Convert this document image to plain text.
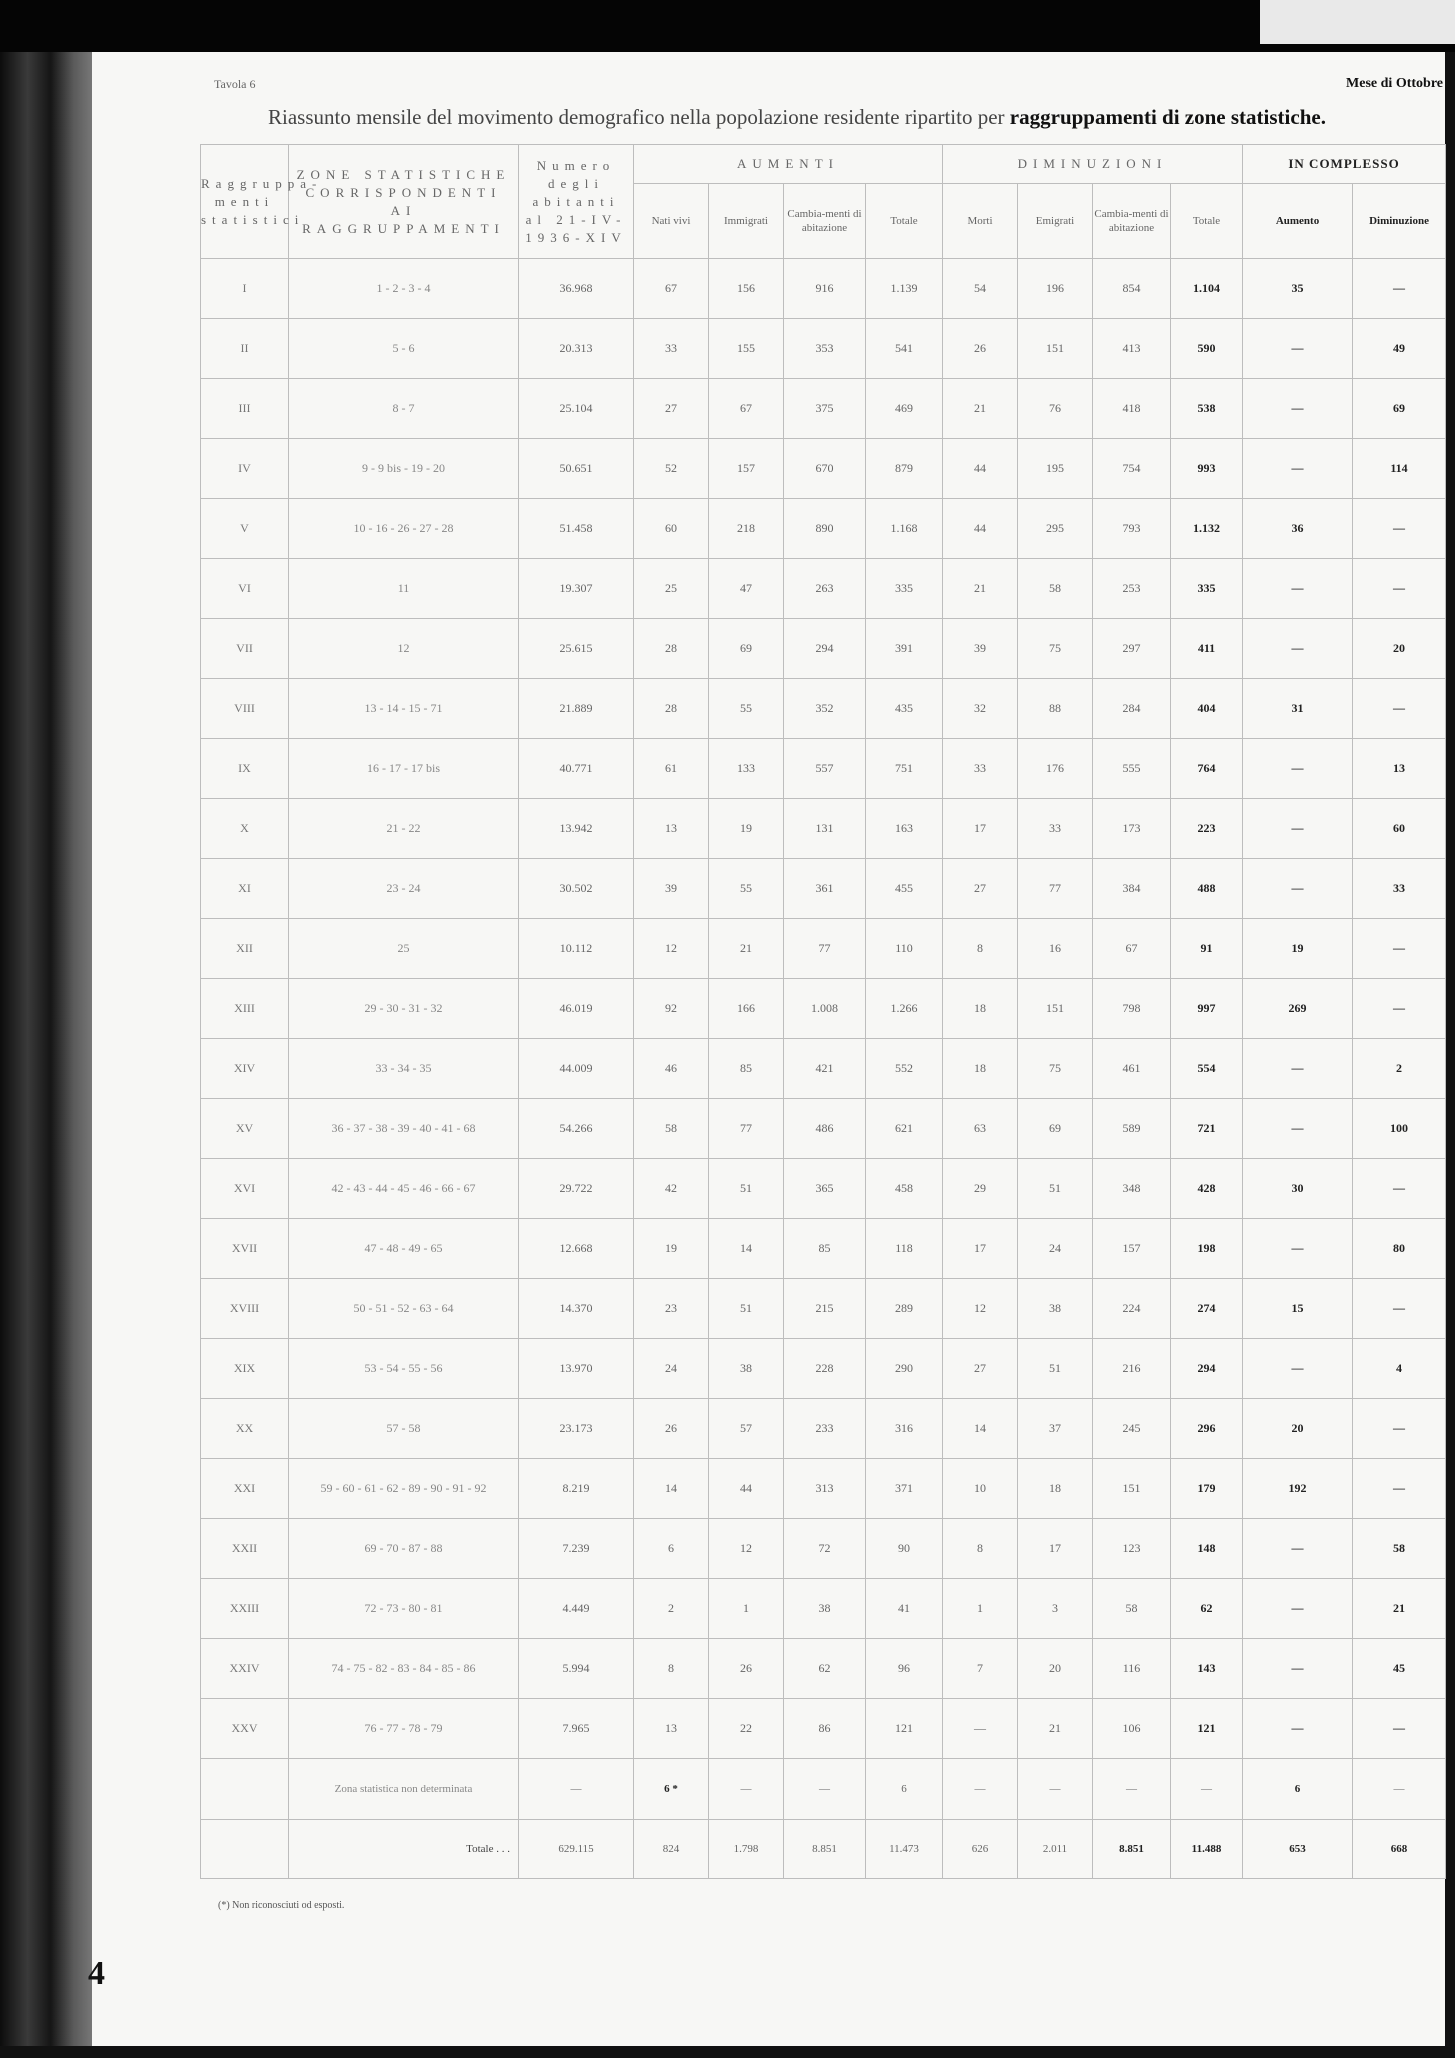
Tavola 6	Mese di Ottobre
Riassunto mensile del movimento demografico nella popolazione residente ripartito per raggruppamenti di zone statistiche.
Raggruppa-menti statistici	ZONE STATISTICHE CORRISPONDENTI AI RAGGRUPPAMENTI	Numero degli abitanti al 21-IV-1936-XIV	AUMENTI				DIMINUZIONI				IN COMPLESSO	
			Nati vivi	Immigrati	Cambia-menti di abitazione	Totale	Morti	Emigrati	Cambia-menti di abitazione	Totale	Aumento	Diminuzione
I	1 - 2 - 3 - 4	36.968	67	156	916	1.139	54	196	854	1.104	35	—
II	5 - 6	20.313	33	155	353	541	26	151	413	590	—	49
III	8 - 7	25.104	27	67	375	469	21	76	418	538	—	69
IV	9 - 9 bis - 19 - 20	50.651	52	157	670	879	44	195	754	993	—	114
V	10 - 16 - 26 - 27 - 28	51.458	60	218	890	1.168	44	295	793	1.132	36	—
VI	11	19.307	25	47	263	335	21	58	253	335	—	—
VII	12	25.615	28	69	294	391	39	75	297	411	—	20
VIII	13 - 14 - 15 - 71	21.889	28	55	352	435	32	88	284	404	31	—
IX	16 - 17 - 17 bis	40.771	61	133	557	751	33	176	555	764	—	13
X	21 - 22	13.942	13	19	131	163	17	33	173	223	—	60
XI	23 - 24	30.502	39	55	361	455	27	77	384	488	—	33
XII	25	10.112	12	21	77	110	8	16	67	91	19	—
XIII	29 - 30 - 31 - 32	46.019	92	166	1.008	1.266	18	151	798	997	269	—
XIV	33 - 34 - 35	44.009	46	85	421	552	18	75	461	554	—	2
XV	36 - 37 - 38 - 39 - 40 - 41 - 68	54.266	58	77	486	621	63	69	589	721	—	100
XVI	42 - 43 - 44 - 45 - 46 - 66 - 67	29.722	42	51	365	458	29	51	348	428	30	—
XVII	47 - 48 - 49 - 65	12.668	19	14	85	118	17	24	157	198	—	80
XVIII	50 - 51 - 52 - 63 - 64	14.370	23	51	215	289	12	38	224	274	15	—
XIX	53 - 54 - 55 - 56	13.970	24	38	228	290	27	51	216	294	—	4
XX	57 - 58	23.173	26	57	233	316	14	37	245	296	20	—
XXI	59 - 60 - 61 - 62 - 89 - 90 - 91 - 92	8.219	14	44	313	371	10	18	151	179	192	—
XXII	69 - 70 - 87 - 88	7.239	6	12	72	90	8	17	123	148	—	58
XXIII	72 - 73 - 80 - 81	4.449	2	1	38	41	1	3	58	62	—	21
XXIV	74 - 75 - 82 - 83 - 84 - 85 - 86	5.994	8	26	62	96	7	20	116	143	—	45
XXV	76 - 77 - 78 - 79	7.965	13	22	86	121	—	21	106	121	—	—
	Zona statistica non determinata	—	6 *	—	—	6	—	—	—	—	6	—
	Totale . . .	629.115	824	1.798	8.851	11.473	626	2.011	8.851	11.488	653	668
(*) Non riconosciuti od esposti.
4
